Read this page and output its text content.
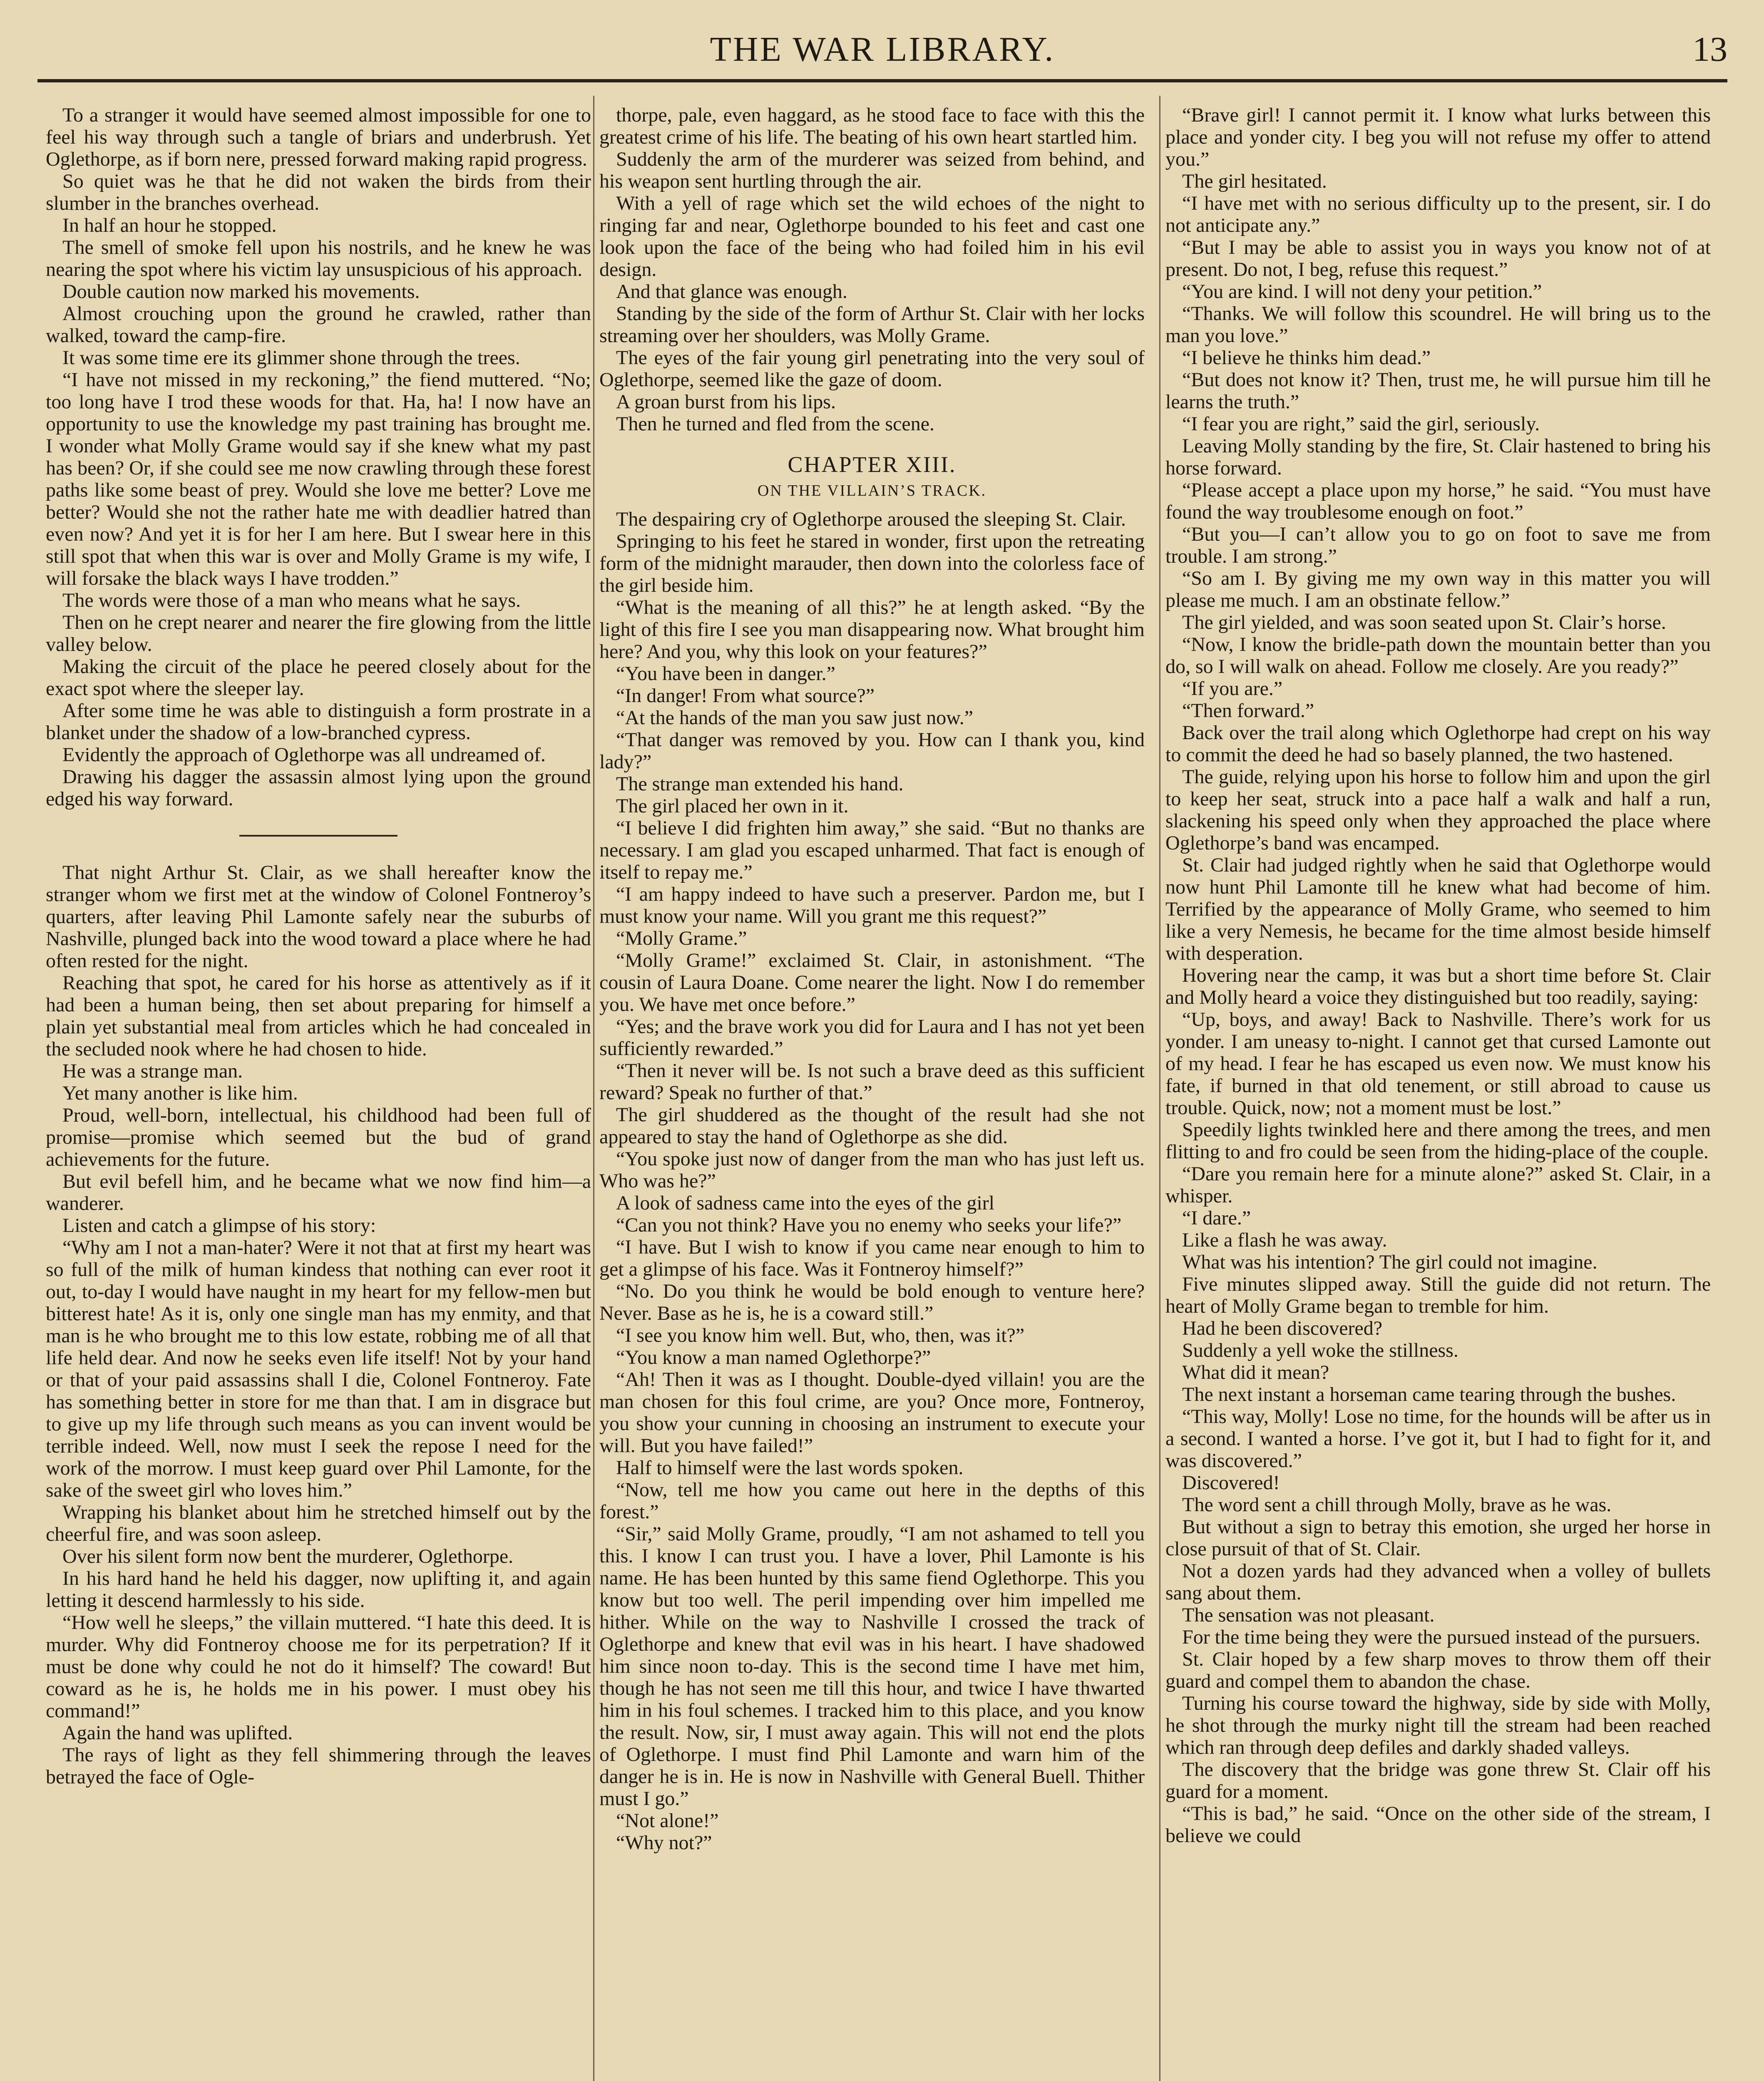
THE WAR LIBRARY.	13

To a stranger it would have seemed almost impossible for one to feel his way through such a tangle of briars and underbrush. Yet Oglethorpe, as if born nere, pressed forward making rapid progress.

So quiet was he that he did not waken the birds from their slumber in the branches overhead.

In half an hour he stopped.

The smell of smoke fell upon his nostrils, and he knew he was nearing the spot where his victim lay unsuspicious of his approach.

Double caution now marked his movements.

Almost crouching upon the ground he crawled, rather than walked, toward the camp-fire.

It was some time ere its glimmer shone through the trees.

“I have not missed in my reckoning,” the fiend muttered. “No; too long have I trod these woods for that. Ha, ha! I now have an opportunity to use the knowledge my past training has brought me. I wonder what Molly Grame would say if she knew what my past has been? Or, if she could see me now crawling through these forest paths like some beast of prey. Would she love me better? Love me better? Would she not the rather hate me with deadlier hatred than even now? And yet it is for her I am here. But I swear here in this still spot that when this war is over and Molly Grame is my wife, I will forsake the black ways I have trodden.”

The words were those of a man who means what he says.

Then on he crept nearer and nearer the fire glowing from the little valley below.

Making the circuit of the place he peered closely about for the exact spot where the sleeper lay.

After some time he was able to distinguish a form prostrate in a blanket under the shadow of a low-branched cypress.

Evidently the approach of Oglethorpe was all undreamed of.

Drawing his dagger the assassin almost lying upon the ground edged his way forward.

That night Arthur St. Clair, as we shall hereafter know the stranger whom we first met at the window of Colonel Fontneroy’s quarters, after leaving Phil Lamonte safely near the suburbs of Nashville, plunged back into the wood toward a place where he had often rested for the night.

Reaching that spot, he cared for his horse as attentively as if it had been a human being, then set about preparing for himself a plain yet substantial meal from articles which he had concealed in the secluded nook where he had chosen to hide.

He was a strange man.

Yet many another is like him.

Proud, well-born, intellectual, his childhood had been full of promise—promise which seemed but the bud of grand achievements for the future.

But evil befell him, and he became what we now find him—a wanderer.

Listen and catch a glimpse of his story:

“Why am I not a man-hater? Were it not that at first my heart was so full of the milk of human kindess that nothing can ever root it out, to-day I would have naught in my heart for my fellow-men but bitterest hate! As it is, only one single man has my enmity, and that man is he who brought me to this low estate, robbing me of all that life held dear. And now he seeks even life itself! Not by your hand or that of your paid assassins shall I die, Colonel Fontneroy. Fate has something better in store for me than that. I am in disgrace but to give up my life through such means as you can invent would be terrible indeed. Well, now must I seek the repose I need for the work of the morrow. I must keep guard over Phil Lamonte, for the sake of the sweet girl who loves him.”

Wrapping his blanket about him he stretched himself out by the cheerful fire, and was soon asleep.

Over his silent form now bent the murderer, Oglethorpe.

In his hard hand he held his dagger, now uplifting it, and again letting it descend harmlessly to his side.

“How well he sleeps,” the villain muttered. “I hate this deed. It is murder. Why did Fontneroy choose me for its perpetration? If it must be done why could he not do it himself? The coward! But coward as he is, he holds me in his power. I must obey his command!”

Again the hand was uplifted.

The rays of light as they fell shimmering through the leaves betrayed the face of Ogle-

thorpe, pale, even haggard, as he stood face to face with this the greatest crime of his life. The beating of his own heart startled him.

Suddenly the arm of the murderer was seized from behind, and his weapon sent hurtling through the air.

With a yell of rage which set the wild echoes of the night to ringing far and near, Oglethorpe bounded to his feet and cast one look upon the face of the being who had foiled him in his evil design.

And that glance was enough.

Standing by the side of the form of Arthur St. Clair with her locks streaming over her shoulders, was Molly Grame.

The eyes of the fair young girl penetrating into the very soul of Oglethorpe, seemed like the gaze of doom.

A groan burst from his lips.

Then he turned and fled from the scene.

CHAPTER XIII.
ON THE VILLAIN’S TRACK.

The despairing cry of Oglethorpe aroused the sleeping St. Clair.

Springing to his feet he stared in wonder, first upon the retreating form of the midnight marauder, then down into the colorless face of the girl beside him.

“What is the meaning of all this?” he at length asked. “By the light of this fire I see you man disappearing now. What brought him here? And you, why this look on your features?”

“You have been in danger.”

“In danger! From what source?”

“At the hands of the man you saw just now.”

“That danger was removed by you. How can I thank you, kind lady?”

The strange man extended his hand.

The girl placed her own in it.

“I believe I did frighten him away,” she said. “But no thanks are necessary. I am glad you escaped unharmed. That fact is enough of itself to repay me.”

“I am happy indeed to have such a preserver. Pardon me, but I must know your name. Will you grant me this request?”

“Molly Grame.”

“Molly Grame!” exclaimed St. Clair, in astonishment. “The cousin of Laura Doane. Come nearer the light. Now I do remember you. We have met once before.”

“Yes; and the brave work you did for Laura and I has not yet been sufficiently rewarded.”

“Then it never will be. Is not such a brave deed as this sufficient reward? Speak no further of that.”

The girl shuddered as the thought of the result had she not appeared to stay the hand of Oglethorpe as she did.

“You spoke just now of danger from the man who has just left us. Who was he?”

A look of sadness came into the eyes of the girl

“Can you not think? Have you no enemy who seeks your life?”

“I have. But I wish to know if you came near enough to him to get a glimpse of his face. Was it Fontneroy himself?”

“No. Do you think he would be bold enough to venture here? Never. Base as he is, he is a coward still.”

“I see you know him well. But, who, then, was it?”

“You know a man named Oglethorpe?”

“Ah! Then it was as I thought. Double-dyed villain! you are the man chosen for this foul crime, are you? Once more, Fontneroy, you show your cunning in choosing an instrument to execute your will. But you have failed!”

Half to himself were the last words spoken.

“Now, tell me how you came out here in the depths of this forest.”

“Sir,” said Molly Grame, proudly, “I am not ashamed to tell you this. I know I can trust you. I have a lover, Phil Lamonte is his name. He has been hunted by this same fiend Oglethorpe. This you know but too well. The peril impending over him impelled me hither. While on the way to Nashville I crossed the track of Oglethorpe and knew that evil was in his heart. I have shadowed him since noon to-day. This is the second time I have met him, though he has not seen me till this hour, and twice I have thwarted him in his foul schemes. I tracked him to this place, and you know the result. Now, sir, I must away again. This will not end the plots of Oglethorpe. I must find Phil Lamonte and warn him of the danger he is in. He is now in Nashville with General Buell. Thither must I go.”

“Not alone!”

“Why not?”

“Brave girl! I cannot permit it. I know what lurks between this place and yonder city. I beg you will not refuse my offer to attend you.”

The girl hesitated.

“I have met with no serious difficulty up to the present, sir. I do not anticipate any.”

“But I may be able to assist you in ways you know not of at present. Do not, I beg, refuse this request.”

“You are kind. I will not deny your petition.”

“Thanks. We will follow this scoundrel. He will bring us to the man you love.”

“I believe he thinks him dead.”

“But does not know it? Then, trust me, he will pursue him till he learns the truth.”

“I fear you are right,” said the girl, seriously.

Leaving Molly standing by the fire, St. Clair hastened to bring his horse forward.

“Please accept a place upon my horse,” he said. “You must have found the way troublesome enough on foot.”

“But you—I can’t allow you to go on foot to save me from trouble. I am strong.”

“So am I. By giving me my own way in this matter you will please me much. I am an obstinate fellow.”

The girl yielded, and was soon seated upon St. Clair’s horse.

“Now, I know the bridle-path down the mountain better than you do, so I will walk on ahead. Follow me closely. Are you ready?”

“If you are.”

“Then forward.”

Back over the trail along which Oglethorpe had crept on his way to commit the deed he had so basely planned, the two hastened.

The guide, relying upon his horse to follow him and upon the girl to keep her seat, struck into a pace half a walk and half a run, slackening his speed only when they approached the place where Oglethorpe’s band was encamped.

St. Clair had judged rightly when he said that Oglethorpe would now hunt Phil Lamonte till he knew what had become of him. Terrified by the appearance of Molly Grame, who seemed to him like a very Nemesis, he became for the time almost beside himself with desperation.

Hovering near the camp, it was but a short time before St. Clair and Molly heard a voice they distinguished but too readily, saying:

“Up, boys, and away! Back to Nashville. There’s work for us yonder. I am uneasy to-night. I cannot get that cursed Lamonte out of my head. I fear he has escaped us even now. We must know his fate, if burned in that old tenement, or still abroad to cause us trouble. Quick, now; not a moment must be lost.”

Speedily lights twinkled here and there among the trees, and men flitting to and fro could be seen from the hiding-place of the couple.

“Dare you remain here for a minute alone?” asked St. Clair, in a whisper.

“I dare.”

Like a flash he was away.

What was his intention? The girl could not imagine.

Five minutes slipped away. Still the guide did not return. The heart of Molly Grame began to tremble for him.

Had he been discovered?

Suddenly a yell woke the stillness.

What did it mean?

The next instant a horseman came tearing through the bushes.

“This way, Molly! Lose no time, for the hounds will be after us in a second. I wanted a horse. I’ve got it, but I had to fight for it, and was discovered.”

Discovered!

The word sent a chill through Molly, brave as he was.

But without a sign to betray this emotion, she urged her horse in close pursuit of that of St. Clair.

Not a dozen yards had they advanced when a volley of bullets sang about them.

The sensation was not pleasant.

For the time being they were the pursued instead of the pursuers.

St. Clair hoped by a few sharp moves to throw them off their guard and compel them to abandon the chase.

Turning his course toward the highway, side by side with Molly, he shot through the murky night till the stream had been reached which ran through deep defiles and darkly shaded valleys.

The discovery that the bridge was gone threw St. Clair off his guard for a moment.

“This is bad,” he said. “Once on the other side of the stream, I believe we could
